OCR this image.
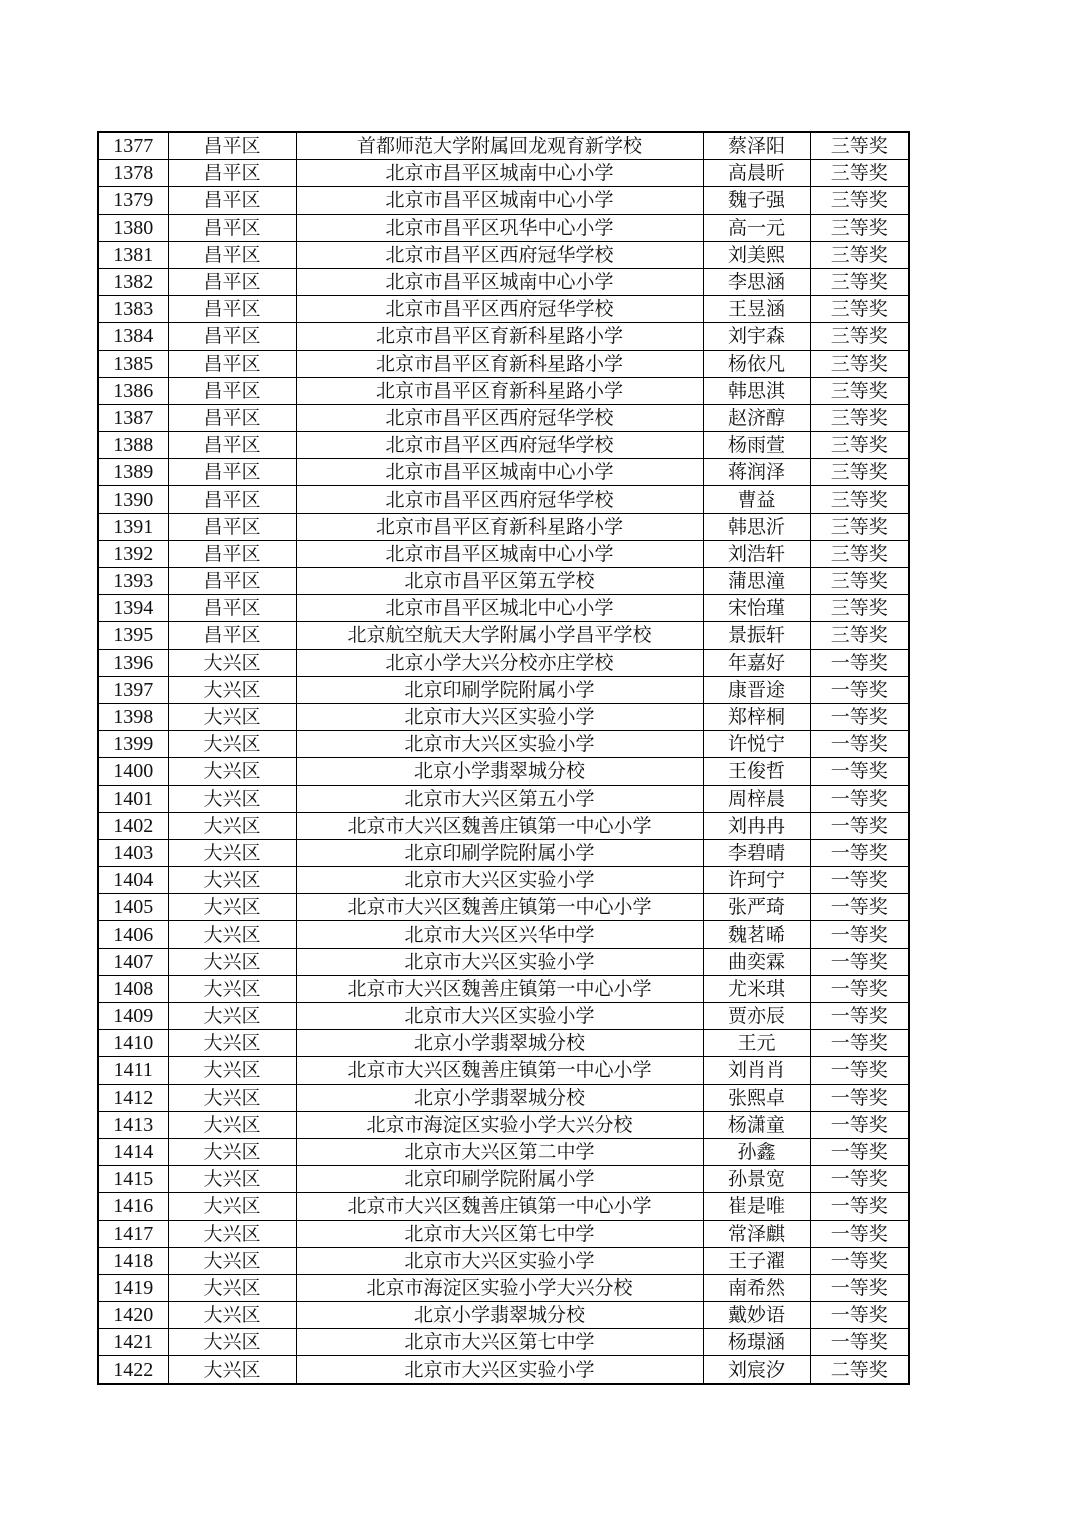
1377	昌平区	首都师范大学附属回龙观育新学校	蔡泽阳	三等奖
1378	昌平区	北京市昌平区城南中心小学	高晨昕	三等奖
1379	昌平区	北京市昌平区城南中心小学	魏子强	三等奖
1380	昌平区	北京市昌平区巩华中心小学	高一元	三等奖
1381	昌平区	北京市昌平区西府冠华学校	刘美熙	三等奖
1382	昌平区	北京市昌平区城南中心小学	李思涵	三等奖
1383	昌平区	北京市昌平区西府冠华学校	王昱涵	三等奖
1384	昌平区	北京市昌平区育新科星路小学	刘宇森	三等奖
1385	昌平区	北京市昌平区育新科星路小学	杨依凡	三等奖
1386	昌平区	北京市昌平区育新科星路小学	韩思淇	三等奖
1387	昌平区	北京市昌平区西府冠华学校	赵济醇	三等奖
1388	昌平区	北京市昌平区西府冠华学校	杨雨萱	三等奖
1389	昌平区	北京市昌平区城南中心小学	蒋润泽	三等奖
1390	昌平区	北京市昌平区西府冠华学校	曹益	三等奖
1391	昌平区	北京市昌平区育新科星路小学	韩思沂	三等奖
1392	昌平区	北京市昌平区城南中心小学	刘浩轩	三等奖
1393	昌平区	北京市昌平区第五学校	蒲思潼	三等奖
1394	昌平区	北京市昌平区城北中心小学	宋怡瑾	三等奖
1395	昌平区	北京航空航天大学附属小学昌平学校	景振轩	三等奖
1396	大兴区	北京小学大兴分校亦庄学校	年嘉好	一等奖
1397	大兴区	北京印刷学院附属小学	康晋途	一等奖
1398	大兴区	北京市大兴区实验小学	郑梓桐	一等奖
1399	大兴区	北京市大兴区实验小学	许悦宁	一等奖
1400	大兴区	北京小学翡翠城分校	王俊哲	一等奖
1401	大兴区	北京市大兴区第五小学	周梓晨	一等奖
1402	大兴区	北京市大兴区魏善庄镇第一中心小学	刘冉冉	一等奖
1403	大兴区	北京印刷学院附属小学	李碧晴	一等奖
1404	大兴区	北京市大兴区实验小学	许珂宁	一等奖
1405	大兴区	北京市大兴区魏善庄镇第一中心小学	张严琦	一等奖
1406	大兴区	北京市大兴区兴华中学	魏茗晞	一等奖
1407	大兴区	北京市大兴区实验小学	曲奕霖	一等奖
1408	大兴区	北京市大兴区魏善庄镇第一中心小学	尤米琪	一等奖
1409	大兴区	北京市大兴区实验小学	贾亦辰	一等奖
1410	大兴区	北京小学翡翠城分校	王元	一等奖
1411	大兴区	北京市大兴区魏善庄镇第一中心小学	刘肖肖	一等奖
1412	大兴区	北京小学翡翠城分校	张熙卓	一等奖
1413	大兴区	北京市海淀区实验小学大兴分校	杨潇童	一等奖
1414	大兴区	北京市大兴区第二中学	孙鑫	一等奖
1415	大兴区	北京印刷学院附属小学	孙景宽	一等奖
1416	大兴区	北京市大兴区魏善庄镇第一中心小学	崔是唯	一等奖
1417	大兴区	北京市大兴区第七中学	常泽麒	一等奖
1418	大兴区	北京市大兴区实验小学	王子濯	一等奖
1419	大兴区	北京市海淀区实验小学大兴分校	南希然	一等奖
1420	大兴区	北京小学翡翠城分校	戴妙语	一等奖
1421	大兴区	北京市大兴区第七中学	杨璟涵	一等奖
1422	大兴区	北京市大兴区实验小学	刘宸汐	二等奖
